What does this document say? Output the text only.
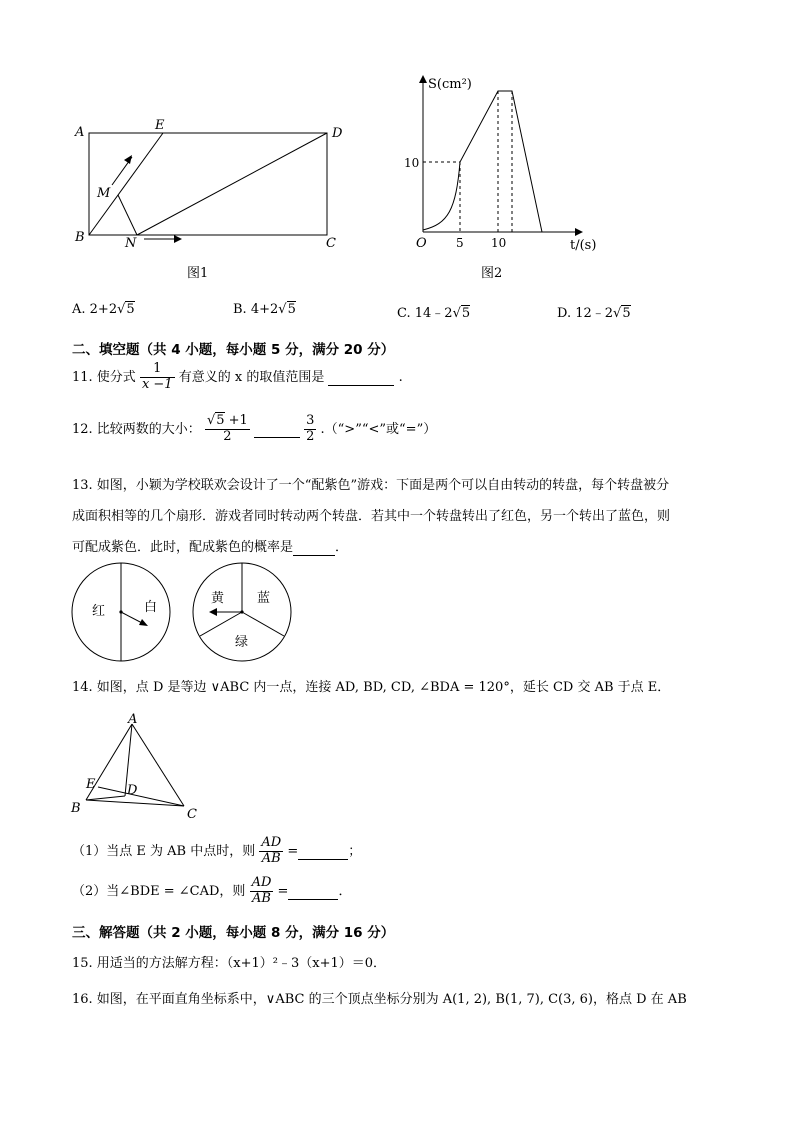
A	E
D
M
B	N	C
图1
S(cm²)
10
O 5 10	t/(s)
图2
A. 2+2√5	B. 4+2√5	C. 14﹣2√5	D. 12﹣2√5
二、填空题（共 4 小题，每小题 5 分，满分 20 分）
11. 使分式 $\frac{1}{x -1}$ 有意义的 x 的取值范围是	.
12. 比较两数的大小： $\frac{√5 +1}{2}$
	$\frac{3}{2}$ .（“>”“<”或“=”）
13. 如图，小颖为学校联欢会设计了一个“配紫色”游戏：下面是两个可以自由转动的转盘，每个转盘被分
成面积相等的几个扇形．游戏者同时转动两个转盘．若其中一个转盘转出了红色，另一个转出了蓝色，则
可配成紫色．此时，配成紫色的概率是	．
红	白
黄	蓝
绿
14. 如图，点 D 是等边 ∨ABC 内一点，连接 AD, BD, CD, ∠BDA = 120°，延长 CD 交 AB 于点 E．
A
E D
B	C
（1）当点 E 为 AB 中点时，则 $\frac{AD}{AB}$ =	；
（2）当∠BDE = ∠CAD，则 $\frac{AD}{AB}$ =	．
三、解答题（共 2 小题，每小题 8 分，满分 16 分）
15. 用适当的方法解方程：（x+1）²﹣3（x+1）＝0．
16. 如图，在平面直角坐标系中，∨ABC 的三个顶点坐标分别为 A(1, 2), B(1, 7), C(3, 6)，格点 D 在 AB
